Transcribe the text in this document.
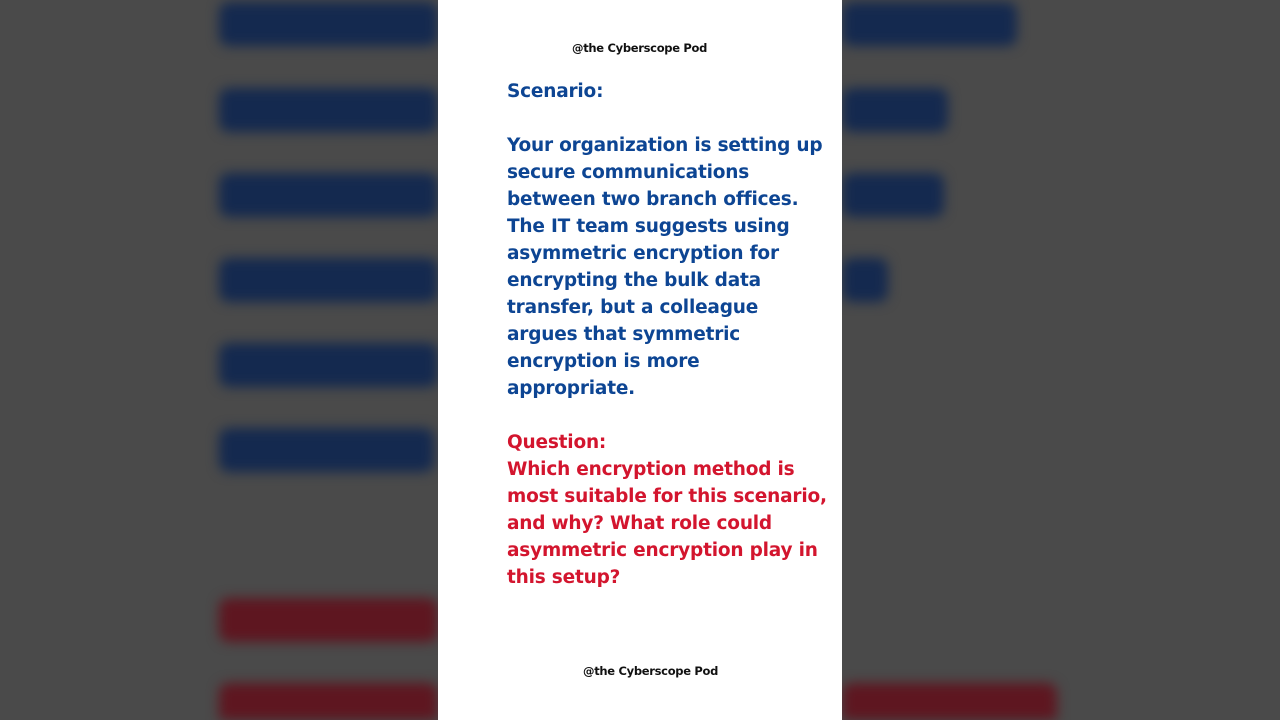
@the Cyberscope Pod
Scenario:
Your organization is setting up
secure communications
between two branch offices.
The IT team suggests using
asymmetric encryption for
encrypting the bulk data
transfer, but a colleague
argues that symmetric
encryption is more
appropriate.
Question:
Which encryption method is
most suitable for this scenario,
and why? What role could
asymmetric encryption play in
this setup?
@the Cyberscope Pod
